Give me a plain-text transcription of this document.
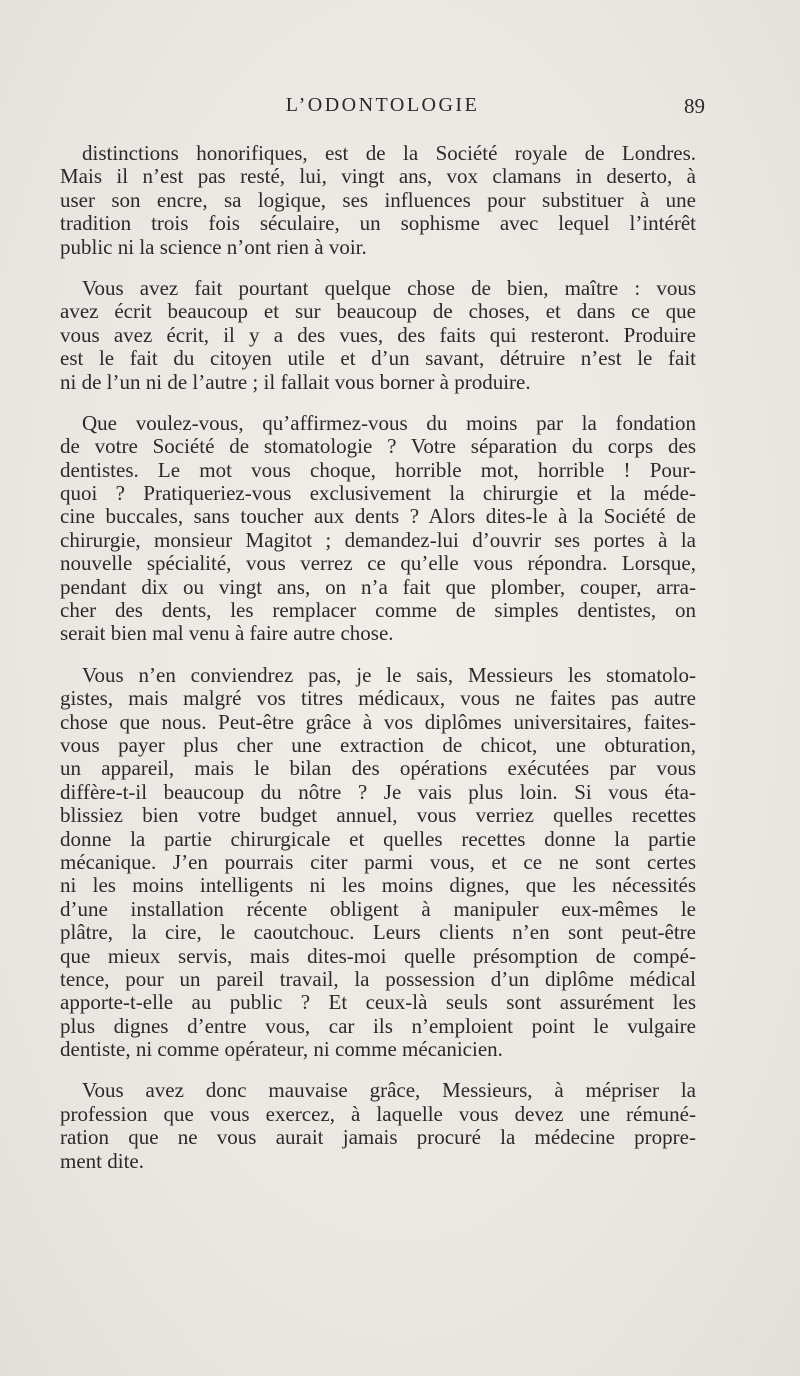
L’ODONTOLOGIE	89
distinctions honorifiques, est de la Société royale de Londres.
Mais il n’est pas resté, lui, vingt ans, vox clamans in deserto, à
user son encre, sa logique, ses influences pour substituer à une
tradition trois fois séculaire, un sophisme avec lequel l’intérêt
public ni la science n’ont rien à voir.
Vous avez fait pourtant quelque chose de bien, maître : vous
avez écrit beaucoup et sur beaucoup de choses, et dans ce que
vous avez écrit, il y a des vues, des faits qui resteront. Produire
est le fait du citoyen utile et d’un savant, détruire n’est le fait
ni de l’un ni de l’autre ; il fallait vous borner à produire.
Que voulez-vous, qu’affirmez-vous du moins par la fondation
de votre Société de stomatologie ? Votre séparation du corps des
dentistes. Le mot vous choque, horrible mot, horrible ! Pour-
quoi ? Pratiqueriez-vous exclusivement la chirurgie et la méde-
cine buccales, sans toucher aux dents ? Alors dites-le à la Société de
chirurgie, monsieur Magitot ; demandez-lui d’ouvrir ses portes à la
nouvelle spécialité, vous verrez ce qu’elle vous répondra. Lorsque,
pendant dix ou vingt ans, on n’a fait que plomber, couper, arra-
cher des dents, les remplacer comme de simples dentistes, on
serait bien mal venu à faire autre chose.
Vous n’en conviendrez pas, je le sais, Messieurs les stomatolo-
gistes, mais malgré vos titres médicaux, vous ne faites pas autre
chose que nous. Peut-être grâce à vos diplômes universitaires, faites-
vous payer plus cher une extraction de chicot, une obturation,
un appareil, mais le bilan des opérations exécutées par vous
diffère-t-il beaucoup du nôtre ? Je vais plus loin. Si vous éta-
blissiez bien votre budget annuel, vous verriez quelles recettes
donne la partie chirurgicale et quelles recettes donne la partie
mécanique. J’en pourrais citer parmi vous, et ce ne sont certes
ni les moins intelligents ni les moins dignes, que les nécessités
d’une installation récente obligent à manipuler eux-mêmes le
plâtre, la cire, le caoutchouc. Leurs clients n’en sont peut-être
que mieux servis, mais dites-moi quelle présomption de compé-
tence, pour un pareil travail, la possession d’un diplôme médical
apporte-t-elle au public ? Et ceux-là seuls sont assurément les
plus dignes d’entre vous, car ils n’emploient point le vulgaire
dentiste, ni comme opérateur, ni comme mécanicien.
Vous avez donc mauvaise grâce, Messieurs, à mépriser la
profession que vous exercez, à laquelle vous devez une rémuné-
ration que ne vous aurait jamais procuré la médecine propre-
ment dite.
